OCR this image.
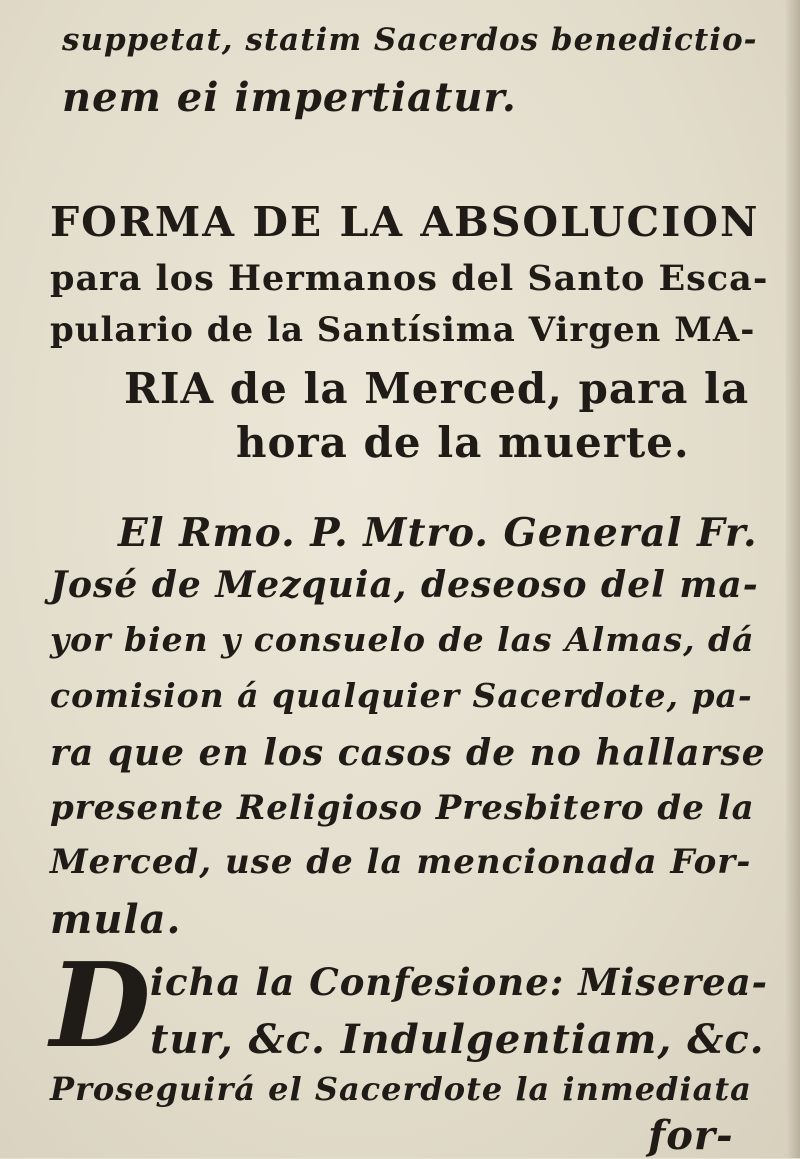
suppetat, statim Sacerdos benedictio-
nem ei impertiatur.
FORMA DE LA ABSOLUCION
para los Hermanos del Santo Esca-
pulario de la Santísima Virgen MA-
RIA de la Merced, para la
hora de la muerte.
El Rmo. P. Mtro. General Fr.
José de Mezquia, deseoso del ma-
yor bien y consuelo de las Almas, dá
comision á qualquier Sacerdote, pa-
ra que en los casos de no hallarse
presente Religioso Presbitero de la
Merced, use de la mencionada For-
mula.
D icha la Confesione: Miserea-
tur, &c. Indulgentiam, &c.
Proseguirá el Sacerdote la inmediata
for-
